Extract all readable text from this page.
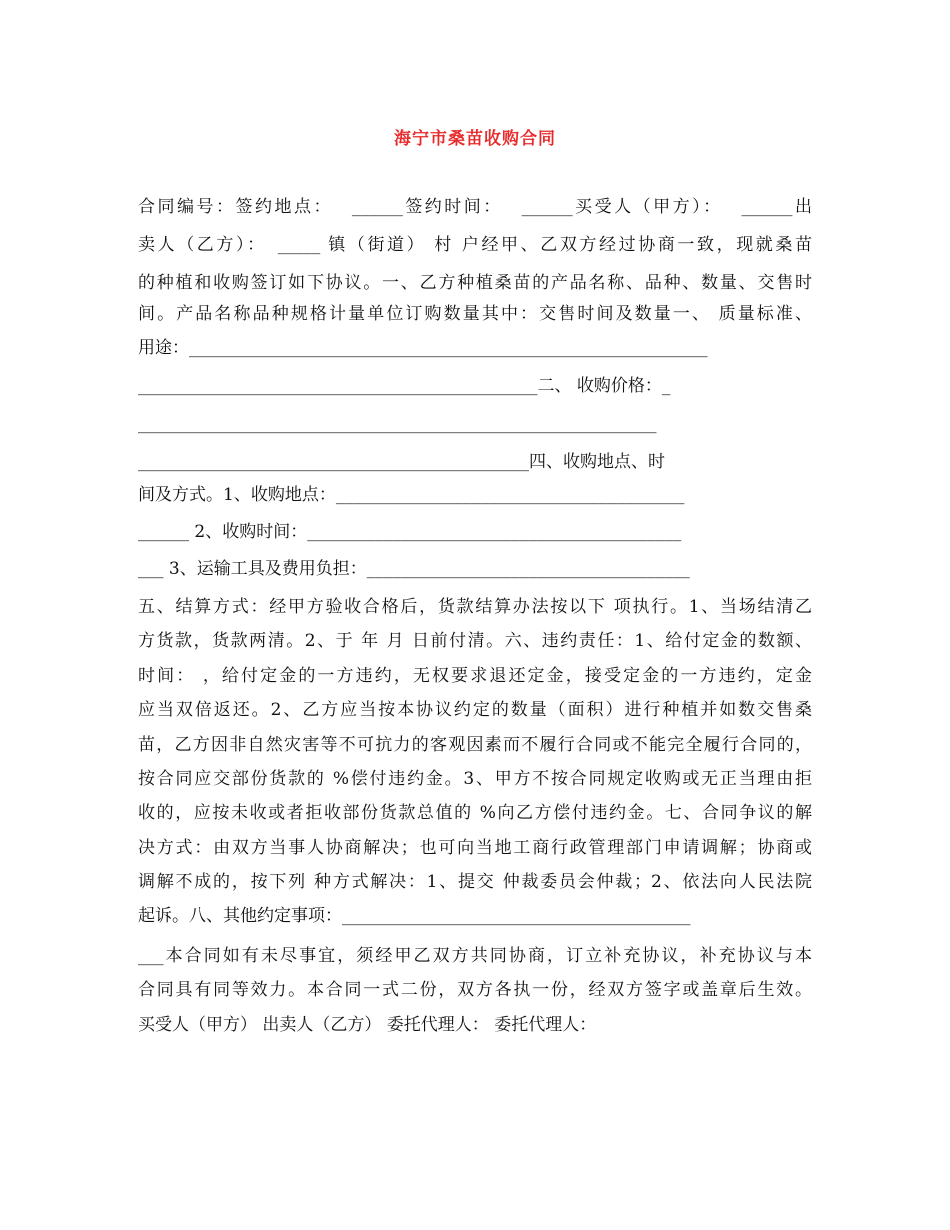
海宁市桑苗收购合同
合同编号：签约地点：　 ______签约时间：　 ______买受人（甲方）：　 ______出
卖人（乙方）：　_____ 镇（街道） 村 户经甲、乙双方经过协商一致，现就桑苗
的种植和收购签订如下协议。一、乙方种植桑苗的产品名称、品种、数量、交售时
间。产品名称品种规格计量单位订购数量其中：交售时间及数量一、 质量标准、
用途：_____________________________________________________________
_______________________________________________二、 收购价格：_
_____________________________________________________________
______________________________________________四、收购地点、时
间及方式。1、收购地点：_________________________________________
______ 2、收购时间：____________________________________________
___ 3、运输工具及费用负担：______________________________________
五、结算方式：经甲方验收合格后，货款结算办法按以下 项执行。1、当场结清乙
方货款，货款两清。2、于 年 月 日前付清。六、违约责任：1、给付定金的数额、
时间： ，给付定金的一方违约，无权要求退还定金，接受定金的一方违约，定金
应当双倍返还。2、乙方应当按本协议约定的数量（面积）进行种植并如数交售桑
苗，乙方因非自然灾害等不可抗力的客观因素而不履行合同或不能完全履行合同的，
按合同应交部份货款的 %偿付违约金。3、甲方不按合同规定收购或无正当理由拒
收的，应按未收或者拒收部份货款总值的 %向乙方偿付违约金。七、合同争议的解
决方式：由双方当事人协商解决；也可向当地工商行政管理部门申请调解；协商或
调解不成的，按下列 种方式解决：1、提交 仲裁委员会仲裁；2、依法向人民法院
起诉。八、其他约定事项：_________________________________________
___本合同如有未尽事宜，须经甲乙双方共同协商，订立补充协议，补充协议与本
合同具有同等效力。本合同一式二份，双方各执一份，经双方签字或盖章后生效。
买受人（甲方） 出卖人（乙方） 委托代理人： 委托代理人：
